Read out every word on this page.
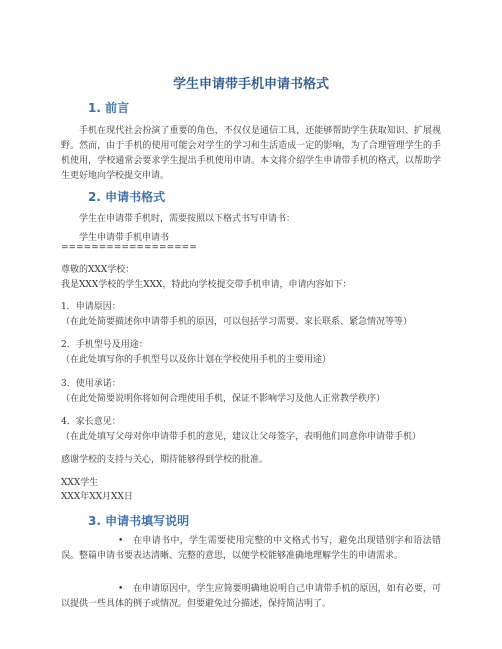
学生申请带手机申请书格式
1. 前言
手机在现代社会扮演了重要的角色，不仅仅是通信工具，还能够帮助学生获取知识、扩展视野。然而，由于手机的使用可能会对学生的学习和生活造成一定的影响，为了合理管理学生的手机使用，学校通常会要求学生提出手机使用申请。本文将介绍学生申请带手机的格式，以帮助学生更好地向学校提交申请。
2. 申请书格式
学生在申请带手机时，需要按照以下格式书写申请书：
学生申请带手机申请书
==================
尊敬的XXX学校：
我是XXX学校的学生XXX，特此向学校提交带手机申请，申请内容如下：
1．申请原因：
（在此处简要描述你申请带手机的原因，可以包括学习需要、家长联系、紧急情况等等）
2．手机型号及用途：
（在此处填写你的手机型号以及你计划在学校使用手机的主要用途）
3．使用承诺：
（在此处简要说明你将如何合理使用手机，保证不影响学习及他人正常教学秩序）
4．家长意见：
（在此处填写父母对你申请带手机的意见，建议让父母签字，表明他们同意你申请带手机）
感谢学校的支持与关心，期待能够得到学校的批准。
XXX学生
XXX年XX月XX日
3. 申请书填写说明
•	在申请书中，学生需要使用完整的中文格式书写，避免出现错别字和语法错误。整篇申请书要表达清晰、完整的意思，以便学校能够准确地理解学生的申请需求。
•	在申请原因中，学生应简要明确地说明自己申请带手机的原因，如有必要，可以提供一些具体的例子或情况。但要避免过分描述，保持简洁明了。
